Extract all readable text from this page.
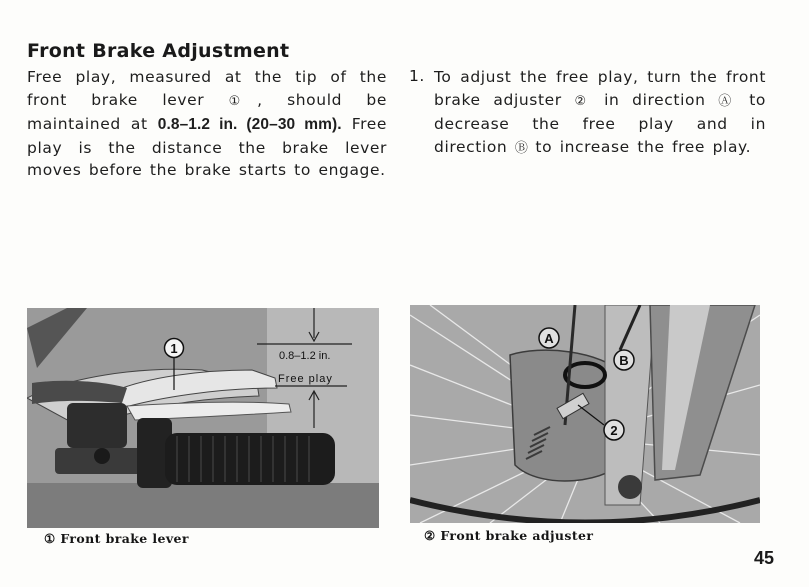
Front Brake Adjustment

Free play, measured at the tip of the front brake lever ①, should be maintained at 0.8–1.2 in. (20–30 mm). Free play is the distance the brake lever moves before the brake starts to engage.

1. To adjust the free play, turn the front brake adjuster ② in direction Ⓐ to decrease the free play and in direction Ⓑ to increase the free play.

0.8–1.2 in.
Free play
1
A
B
2

① Front brake lever	② Front brake adjuster

45
